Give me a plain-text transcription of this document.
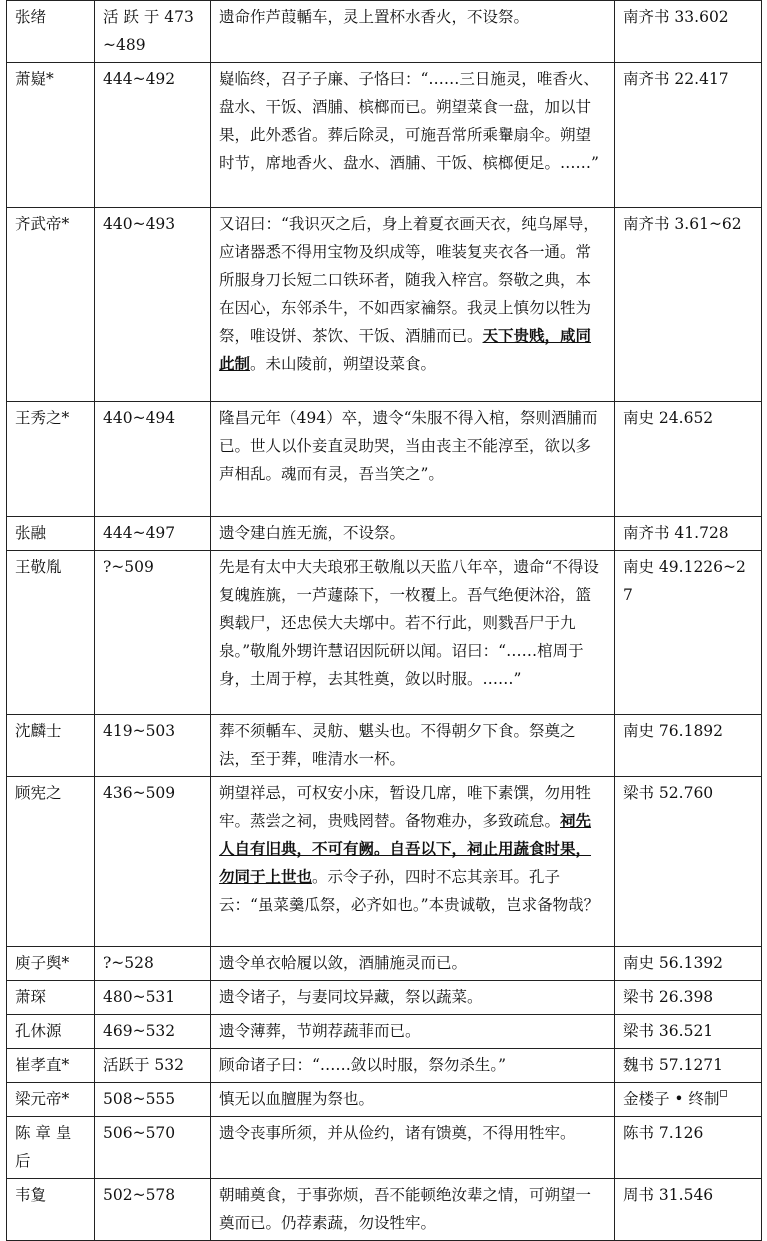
张绪	活 跃 于 473~489	遗命作芦葭輴车，灵上置杯水香火，不设祭。	南齐书 33.602
萧嶷*	444~492	嶷临终，召子子廉、子恪曰：“……三日施灵，唯香火、盘水、干饭、酒脯、槟榔而已。朔望菜食一盘，加以甘果，此外悉省。葬后除灵，可施吾常所乘轝扇伞。朔望时节，席地香火、盘水、酒脯、干饭、槟榔便足。……”	南齐书 22.417
齐武帝*	440~493	又诏曰：“我识灭之后，身上着夏衣画天衣，纯乌犀导，应诸器悉不得用宝物及织成等，唯装复夹衣各一通。常所服身刀长短二口铁环者，随我入梓宫。祭敬之典，本在因心，东邻杀牛，不如西家禴祭。我灵上慎勿以牲为祭，唯设饼、茶饮、干饭、酒脯而已。天下贵贱，咸同此制。未山陵前，朔望设菜食。	南齐书 3.61~62
王秀之*	440~494	隆昌元年（494）卒，遗令“朱服不得入棺，祭则酒脯而已。世人以仆妾直灵助哭，当由丧主不能淳至，欲以多声相乱。魂而有灵，吾当笑之”。	南史 24.652
张融	444~497	遗令建白旌无旒，不设祭。	南齐书 41.728
王敬胤	?~509	先是有太中大夫琅邪王敬胤以天监八年卒，遗命“不得设复魄旌旐，一芦蘧蒢下，一枚覆上。吾气绝便沐浴，篮舆载尸，还忠侯大夫墎中。若不行此，则戮吾尸于九泉。”敬胤外甥许慧诏因阮研以闻。诏曰：“……棺周于身，土周于椁，去其牲奠，敛以时服。……”	南史 49.1226~27
沈麟士	419~503	葬不须輴车、灵舫、魌头也。不得朝夕下食。祭奠之法，至于葬，唯清水一杯。	南史 76.1892
顾宪之	436~509	朔望祥忌，可权安小床，暂设几席，唯下素馔，勿用牲牢。蒸尝之祠，贵贱罔替。备物难办，多致疏怠。祠先人自有旧典，不可有阙。自吾以下，祠止用蔬食时果，勿同于上世也。示令子孙，四时不忘其亲耳。孔子云：“虽菜羹瓜祭，必齐如也。”本贵诚敬，岂求备物哉？	梁书 52.760
庾子舆*	?~528	遗令单衣帢履以敛，酒脯施灵而已。	南史 56.1392
萧琛	480~531	遗令诸子，与妻同坟异藏，祭以蔬菜。	梁书 26.398
孔休源	469~532	遗令薄葬，节朔荐蔬菲而已。	梁书 36.521
崔孝直*	活跃于 532	顾命诸子曰：“……敛以时服，祭勿杀生。”	魏书 57.1271
梁元帝*	508~555	慎无以血膻腥为祭也。	金楼子 • 终制
陈 章 皇 后	506~570	遗令丧事所须，并从俭约，诸有馈奠，不得用牲牢。	陈书 7.126
韦夐	502~578	朝晡奠食，于事弥烦，吾不能顿绝汝辈之情，可朔望一奠而已。仍荐素蔬，勿设牲牢。	周书 31.546
